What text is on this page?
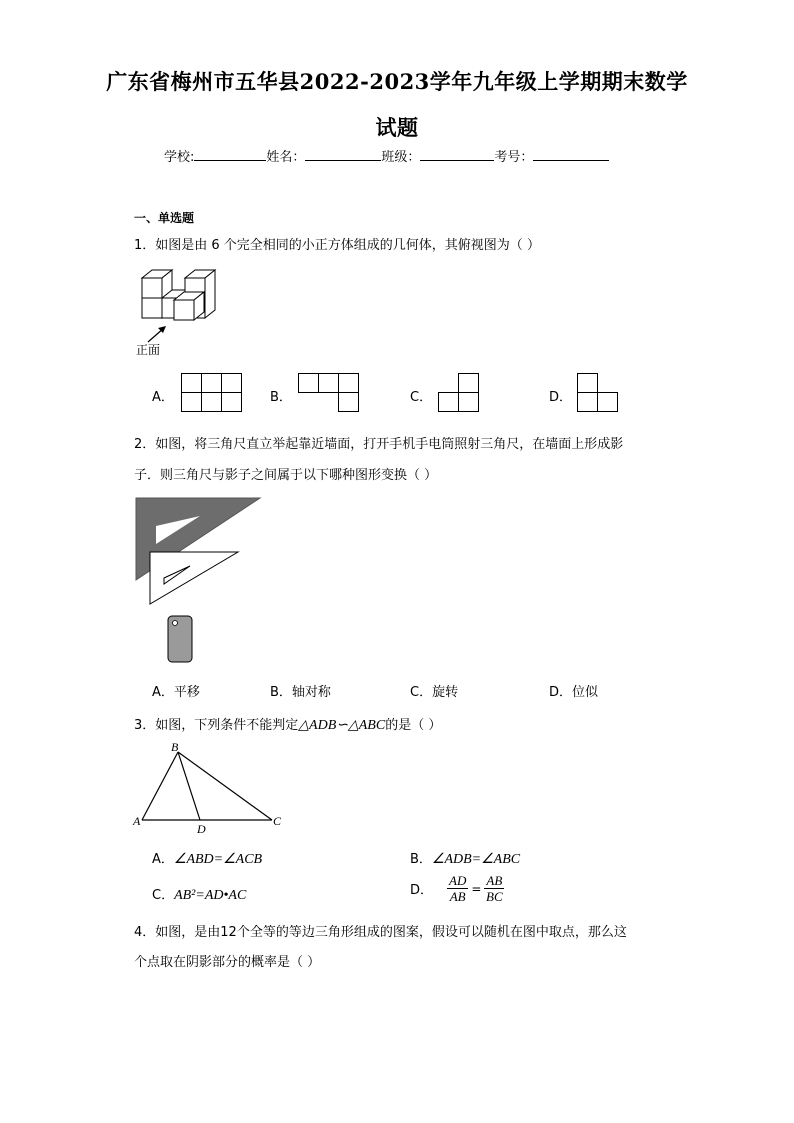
广东省梅州市五华县2022-2023学年九年级上学期期末数学
试题
学校:	姓名：	班级：	考号：
一、单选题
1．如图是由 6 个完全相同的小正方体组成的几何体，其俯视图为（ ）
正面
A．	B．	C．	D．
2．如图，将三角尺直立举起靠近墙面，打开手机手电筒照射三角尺，在墙面上形成影
子．则三角尺与影子之间属于以下哪种图形变换（ ）
A．平移	B．轴对称	C．旋转	D．位似
3．如图，下列条件不能判定△ADB∽△ABC的是（ ）
B
A
D
C
A．∠ABD=∠ACB	B．∠ADB=∠ABC
C．AB²=AD•AC	D． $\frac{AD}{AB} = \frac{AB}{BC}$
4．如图，是由12个全等的等边三角形组成的图案，假设可以随机在图中取点，那么这
个点取在阴影部分的概率是（ ）
